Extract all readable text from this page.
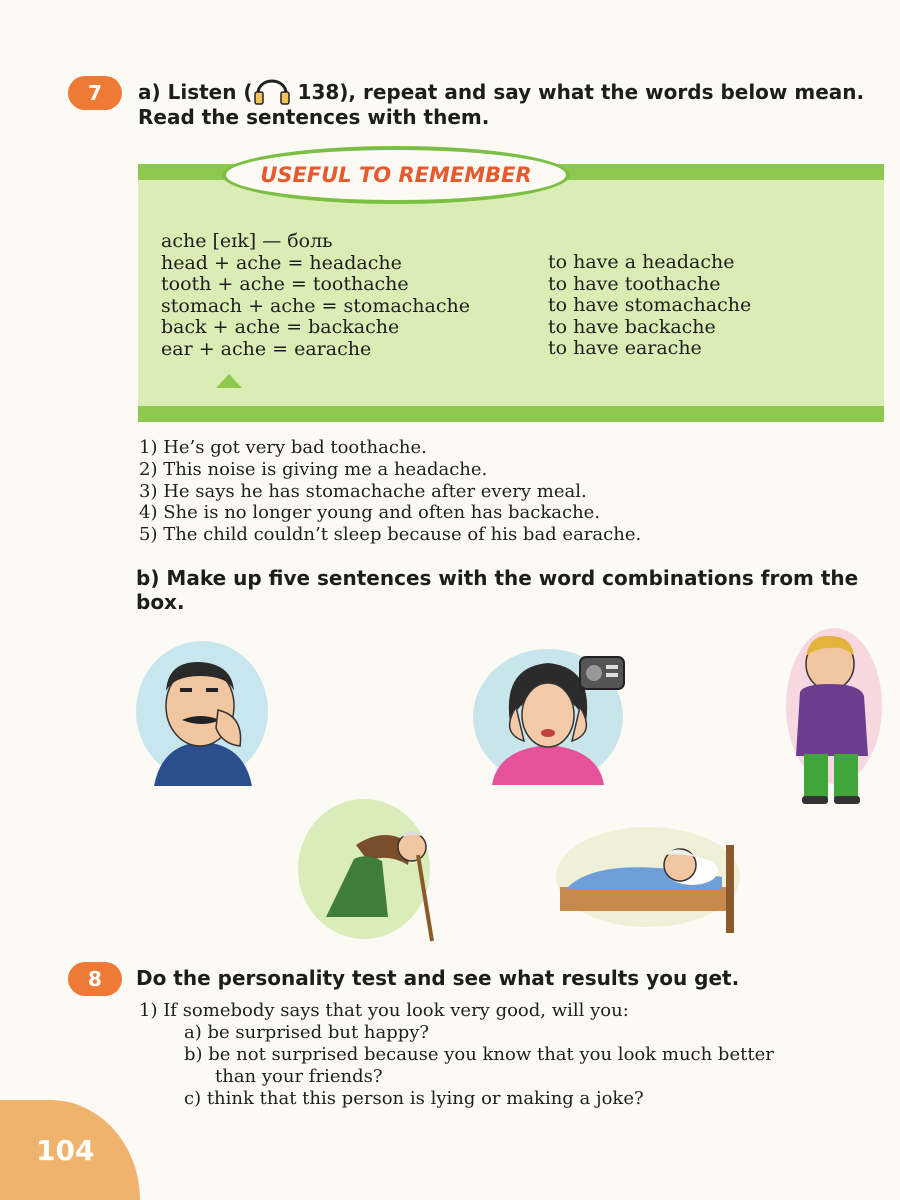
7 a) Listen ( 138), repeat and say what the words below mean. Read the sentences with them.
USEFUL TO REMEMBER
ache [eɪk] — боль
head + ache = headache
tooth + ache = toothache
stomach + ache = stomachache
back + ache = backache
ear + ache = earache
to have a headache
to have toothache
to have stomachache
to have backache
to have earache
1) He’s got very bad toothache.
2) This noise is giving me a headache.
3) He says he has stomachache after every meal.
4) She is no longer young and often has backache.
5) The child couldn’t sleep because of his bad earache.
b) Make up five sentences with the word combinations from the box.
8 Do the personality test and see what results you get.
1) If somebody says that you look very good, will you:
a) be surprised but happy?
b) be not surprised because you know that you look much better
than your friends?
c) think that this person is lying or making a joke?
104
